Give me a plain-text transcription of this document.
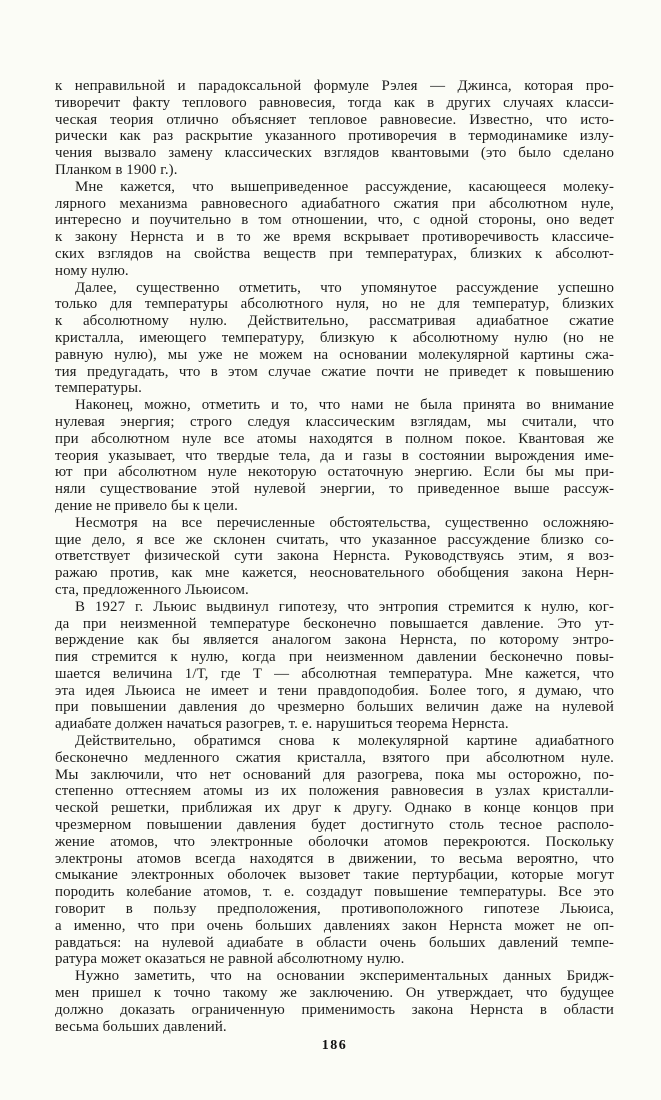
к неправильной и парадоксальной формуле Рэлея — Джинса, которая про-
тиворечит факту теплового равновесия, тогда как в других случаях класси-
ческая теория отлично объясняет тепловое равновесие. Известно, что исто-
рически как раз раскрытие указанного противоречия в термодинамике излу-
чения вызвало замену классических взглядов квантовыми (это было сделано
Планком в 1900 г.).

Мне кажется, что вышеприведенное рассуждение, касающееся молеку-
лярного механизма равновесного адиабатного сжатия при абсолютном нуле,
интересно и поучительно в том отношении, что, с одной стороны, оно ведет
к закону Нернста и в то же время вскрывает противоречивость классиче-
ских взглядов на свойства веществ при температурах, близких к абсолют-
ному нулю.

Далее, существенно отметить, что упомянутое рассуждение успешно
только для температуры абсолютного нуля, но не для температур, близких
к абсолютному нулю. Действительно, рассматривая адиабатное сжатие
кристалла, имеющего температуру, близкую к абсолютному нулю (но не
равную нулю), мы уже не можем на основании молекулярной картины сжа-
тия предугадать, что в этом случае сжатие почти не приведет к повышению
температуры.

Наконец, можно, отметить и то, что нами не была принята во внимание
нулевая энергия; строго следуя классическим взглядам, мы считали, что
при абсолютном нуле все атомы находятся в полном покое. Квантовая же
теория указывает, что твердые тела, да и газы в состоянии вырождения име-
ют при абсолютном нуле некоторую остаточную энергию. Если бы мы при-
няли существование этой нулевой энергии, то приведенное выше рассуж-
дение не привело бы к цели.

Несмотря на все перечисленные обстоятельства, существенно осложняю-
щие дело, я все же склонен считать, что указанное рассуждение близко со-
ответствует физической сути закона Нернста. Руководствуясь этим, я воз-
ражаю против, как мне кажется, неосновательного обобщения закона Нерн-
ста, предложенного Льюисом.

В 1927 г. Льюис выдвинул гипотезу, что энтропия стремится к нулю, ког-
да при неизменной температуре бесконечно повышается давление. Это ут-
верждение как бы является аналогом закона Нернста, по которому энтро-
пия стремится к нулю, когда при неизменном давлении бесконечно повы-
шается величина 1/T, где T — абсолютная температура. Мне кажется, что
эта идея Льюиса не имеет и тени правдоподобия. Более того, я думаю, что
при повышении давления до чрезмерно больших величин даже на нулевой
адиабате должен начаться разогрев, т. е. нарушиться теорема Нернста.

Действительно, обратимся снова к молекулярной картине адиабатного
бесконечно медленного сжатия кристалла, взятого при абсолютном нуле.
Мы заключили, что нет оснований для разогрева, пока мы осторожно, по-
степенно оттесняем атомы из их положения равновесия в узлах кристалли-
ческой решетки, приближая их друг к другу. Однако в конце концов при
чрезмерном повышении давления будет достигнуто столь тесное располо-
жение атомов, что электронные оболочки атомов перекроются. Поскольку
электроны атомов всегда находятся в движении, то весьма вероятно, что
смыкание электронных оболочек вызовет такие пертурбации, которые могут
породить колебание атомов, т. е. создадут повышение температуры. Все это
говорит в пользу предположения, противоположного гипотезе Льюиса,
а именно, что при очень больших давлениях закон Нернста может не оп-
равдаться: на нулевой адиабате в области очень больших давлений темпе-
ратура может оказаться не равной абсолютному нулю.

Нужно заметить, что на основании экспериментальных данных Бридж-
мен пришел к точно такому же заключению. Он утверждает, что будущее
должно доказать ограниченную применимость закона Нернста в области
весьма больших давлений.

186
